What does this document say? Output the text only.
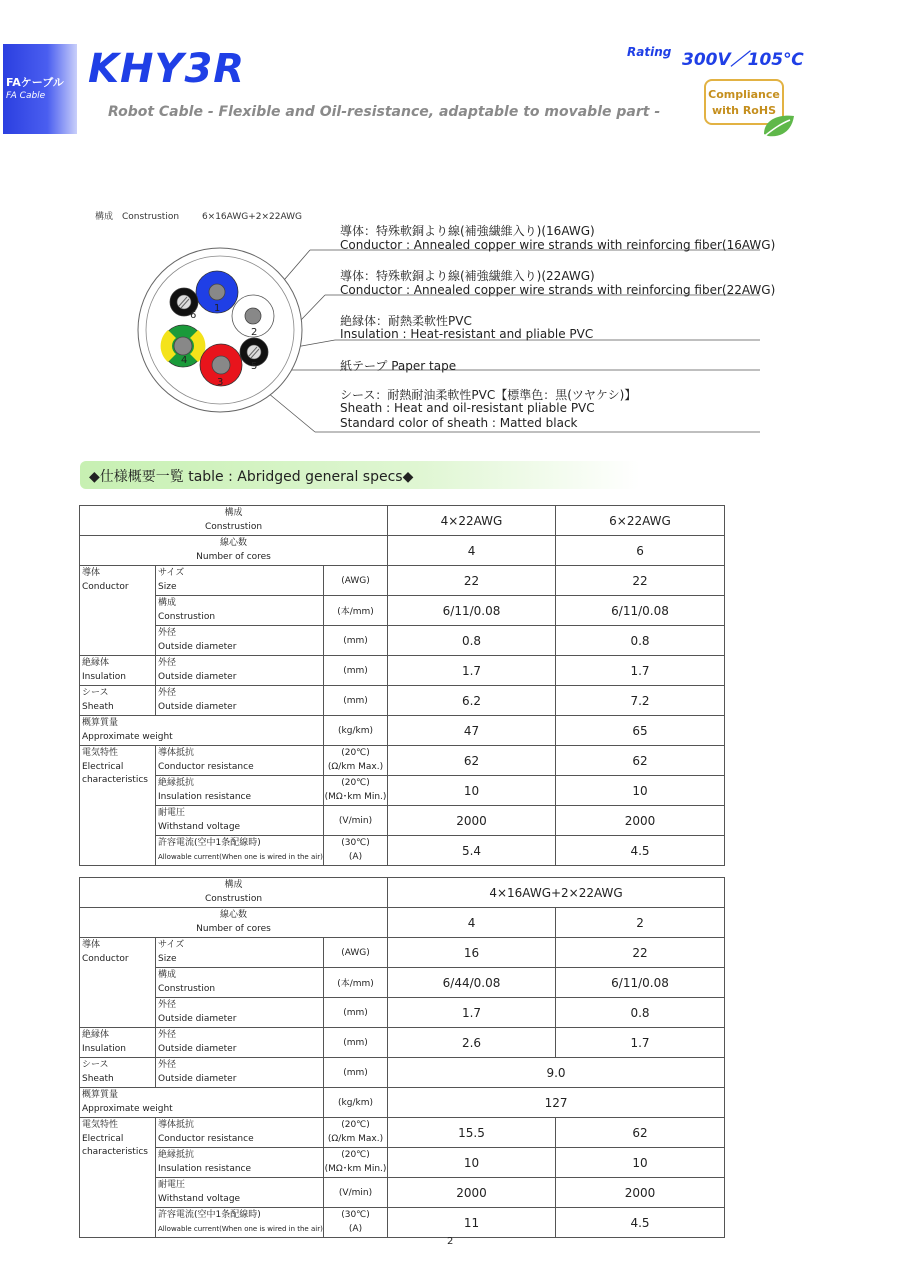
FAケーブル
FA Cable
KHY3R
Robot Cable - Flexible and Oil-resistance, adaptable to movable part -
Rating 300V／105℃
Compliance
with RoHS
構成　Construstion	6×16AWG+2×22AWG
1
2
3
4
5
6
導体：特殊軟銅より線(補強繊維入り)(16AWG)
Conductor : Annealed copper wire strands with reinforcing fiber(16AWG)
導体：特殊軟銅より線(補強繊維入り)(22AWG)
Conductor : Annealed copper wire strands with reinforcing fiber(22AWG)
絶縁体：耐熱柔軟性PVC
Insulation : Heat-resistant and pliable PVC
紙テープ Paper tape
シース：耐熱耐油柔軟性PVC【標準色：黒(ツヤケシ)】
Sheath : Heat and oil-resistant pliable PVC
Standard color of sheath : Matted black
◆仕様概要一覧 table : Abridged general specs◆
構成
Construstion			4×22AWG	6×22AWG
線心数
Number of cores			4	6

導体
Conductor	サイズ
Size	(AWG)	22	22

	構成
Construstion	(本/mm)	6/11/0.08	6/11/0.08

	外径
Outside diameter	(mm)	0.8	0.8

絶縁体
Insulation	外径
Outside diameter	(mm)	1.7	1.7

シース
Sheath	外径
Outside diameter	(mm)	6.2	7.2

概算質量
Approximate weight		(kg/km)	47	65

電気特性
Electrical
characteristics	導体抵抗
Conductor resistance	(20℃)
(Ω/km Max.)	62	62

	絶縁抵抗
Insulation resistance	(20℃)
(MΩ･km Min.)	10	10

	耐電圧
Withstand voltage	(V/min)	2000	2000

	許容電流(空中1条配線時)
Allowable current(When one is wired in the air)	(30℃)
(A)	5.4	4.5
構成
Construstion			4×16AWG+2×22AWG	
線心数
Number of cores			4	2

導体
Conductor	サイズ
Size	(AWG)	16	22

	構成
Construstion	(本/mm)	6/44/0.08	6/11/0.08

	外径
Outside diameter	(mm)	1.7	0.8

絶縁体
Insulation	外径
Outside diameter	(mm)	2.6	1.7

シース
Sheath	外径
Outside diameter	(mm)	9.0	

概算質量
Approximate weight		(kg/km)	127	

電気特性
Electrical
characteristics	導体抵抗
Conductor resistance	(20℃)
(Ω/km Max.)	15.5	62

	絶縁抵抗
Insulation resistance	(20℃)
(MΩ･km Min.)	10	10

	耐電圧
Withstand voltage	(V/min)	2000	2000

	許容電流(空中1条配線時)
Allowable current(When one is wired in the air)	(30℃)
(A)	11	4.5
2
